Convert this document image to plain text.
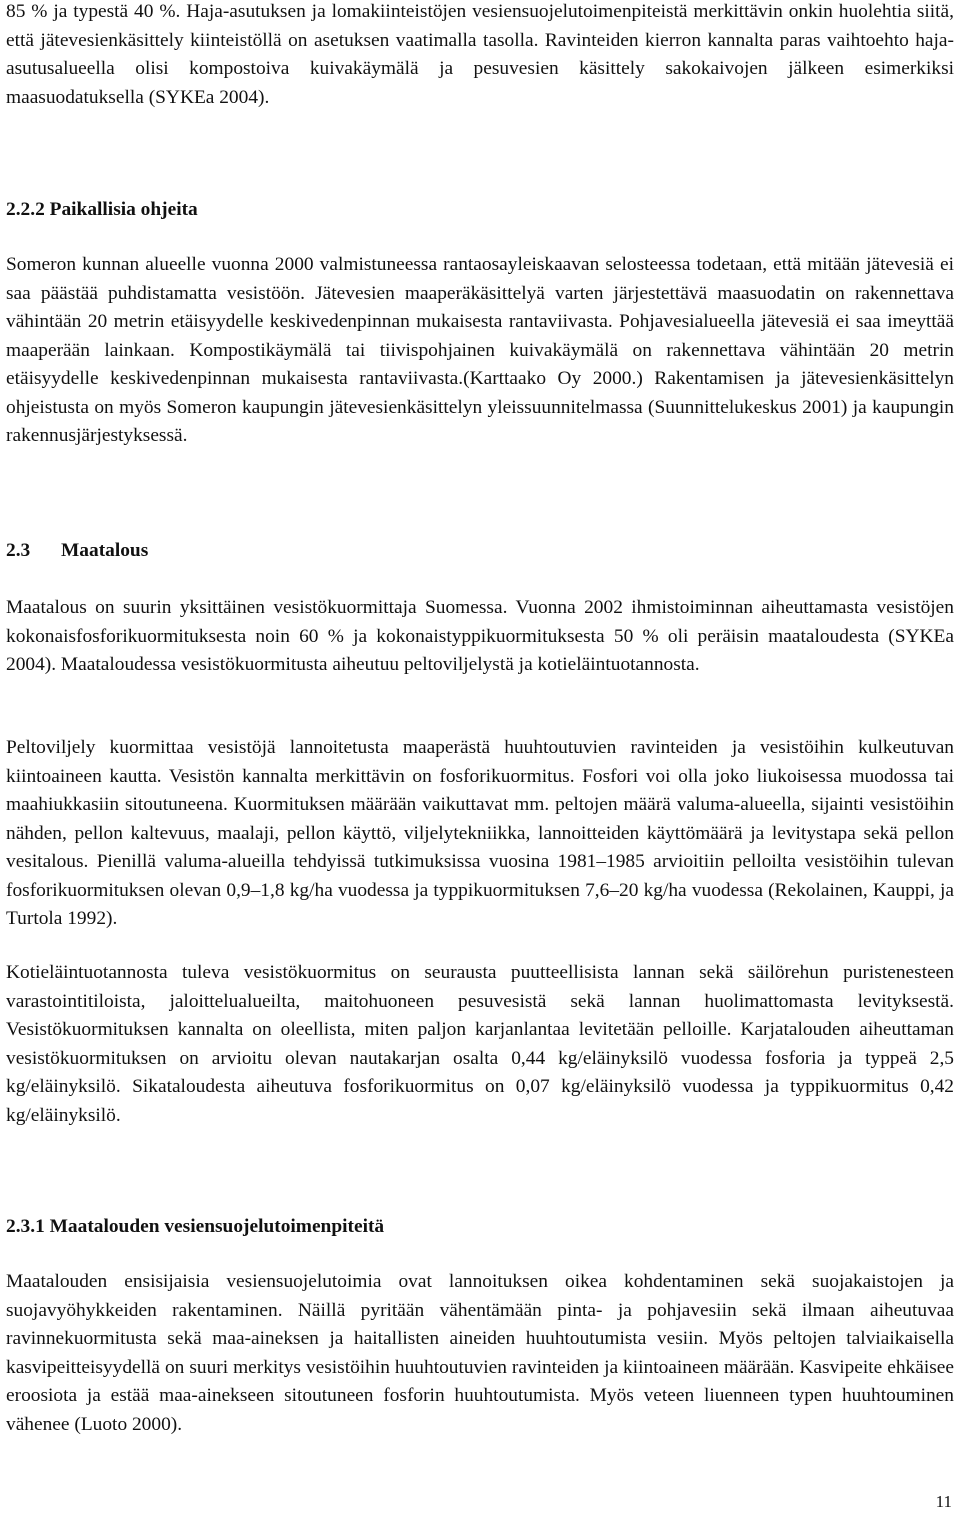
85 % ja typestä 40 %. Haja-asutuksen ja lomakiinteistöjen vesiensuojelutoimenpiteistä merkittävin onkin huolehtia siitä, että jätevesienkäsittely kiinteistöllä on asetuksen vaatimalla tasolla. Ravinteiden kierron kannalta paras vaihtoehto haja-asutusalueella olisi kompostoiva kuivakäymälä ja pesuvesien käsittely sakokaivojen jälkeen esimerkiksi maasuodatuksella (SYKEa 2004).

2.2.2 Paikallisia ohjeita

Someron kunnan alueelle vuonna 2000 valmistuneessa rantaosayleiskaavan selosteessa todetaan, että mitään jätevesiä ei saa päästää puhdistamatta vesistöön. Jätevesien maaperäkäsittelyä varten järjestettävä maasuodatin on rakennettava vähintään 20 metrin etäisyydelle keskivedenpinnan mukaisesta rantaviivasta. Pohjavesialueella jätevesiä ei saa imeyttää maaperään lainkaan. Kompostikäymälä tai tiivispohjainen kuivakäymälä on rakennettava vähintään 20 metrin etäisyydelle keskivedenpinnan mukaisesta rantaviivasta.(Karttaako Oy 2000.) Rakentamisen ja jätevesienkäsittelyn ohjeistusta on myös Someron kaupungin jätevesienkäsittelyn yleissuunnitelmassa (Suunnittelukeskus 2001) ja kaupungin rakennusjärjestyksessä.

2.3 Maatalous

Maatalous on suurin yksittäinen vesistökuormittaja Suomessa. Vuonna 2002 ihmistoiminnan aiheuttamasta vesistöjen kokonaisfosforikuormituksesta noin 60 % ja kokonaistyppikuormituksesta 50 % oli peräisin maataloudesta (SYKEa 2004). Maataloudessa vesistökuormitusta aiheutuu peltoviljelystä ja kotieläintuotannosta.

Peltoviljely kuormittaa vesistöjä lannoitetusta maaperästä huuhtoutuvien ravinteiden ja vesistöihin kulkeutuvan kiintoaineen kautta. Vesistön kannalta merkittävin on fosforikuormitus. Fosfori voi olla joko liukoisessa muodossa tai maahiukkasiin sitoutuneena. Kuormituksen määrään vaikuttavat mm. peltojen määrä valuma-alueella, sijainti vesistöihin nähden, pellon kaltevuus, maalaji, pellon käyttö, viljelytekniikka, lannoitteiden käyttömäärä ja levitystapa sekä pellon vesitalous. Pienillä valuma-alueilla tehdyissä tutkimuksissa vuosina 1981–1985 arvioitiin pelloilta vesistöihin tulevan fosforikuormituksen olevan 0,9–1,8 kg/ha vuodessa ja typpikuormituksen 7,6–20 kg/ha vuodessa (Rekolainen, Kauppi, ja Turtola 1992).

Kotieläintuotannosta tuleva vesistökuormitus on seurausta puutteellisista lannan sekä säilörehun puristenesteen varastointitiloista, jaloittelualueilta, maitohuoneen pesuvesistä sekä lannan huolimattomasta levityksestä. Vesistökuormituksen kannalta on oleellista, miten paljon karjanlantaa levitetään pelloille. Karjatalouden aiheuttaman vesistökuormituksen on arvioitu olevan nautakarjan osalta 0,44 kg/eläinyksilö vuodessa fosforia ja typpeä 2,5 kg/eläinyksilö. Sikataloudesta aiheutuva fosforikuormitus on 0,07 kg/eläinyksilö vuodessa ja typpikuormitus 0,42 kg/eläinyksilö.

2.3.1 Maatalouden vesiensuojelutoimenpiteitä

Maatalouden ensisijaisia vesiensuojelutoimia ovat lannoituksen oikea kohdentaminen sekä suojakaistojen ja suojavyöhykkeiden rakentaminen. Näillä pyritään vähentämään pinta- ja pohjavesiin sekä ilmaan aiheutuvaa ravinnekuormitusta sekä maa-aineksen ja haitallisten aineiden huuhtoutumista vesiin. Myös peltojen talviaikaisella kasvipeitteisyydellä on suuri merkitys vesistöihin huuhtoutuvien ravinteiden ja kiintoaineen määrään. Kasvipeite ehkäisee eroosiota ja estää maa-ainekseen sitoutuneen fosforin huuhtoutumista. Myös veteen liuenneen typen huuhtouminen vähenee (Luoto 2000).

11
